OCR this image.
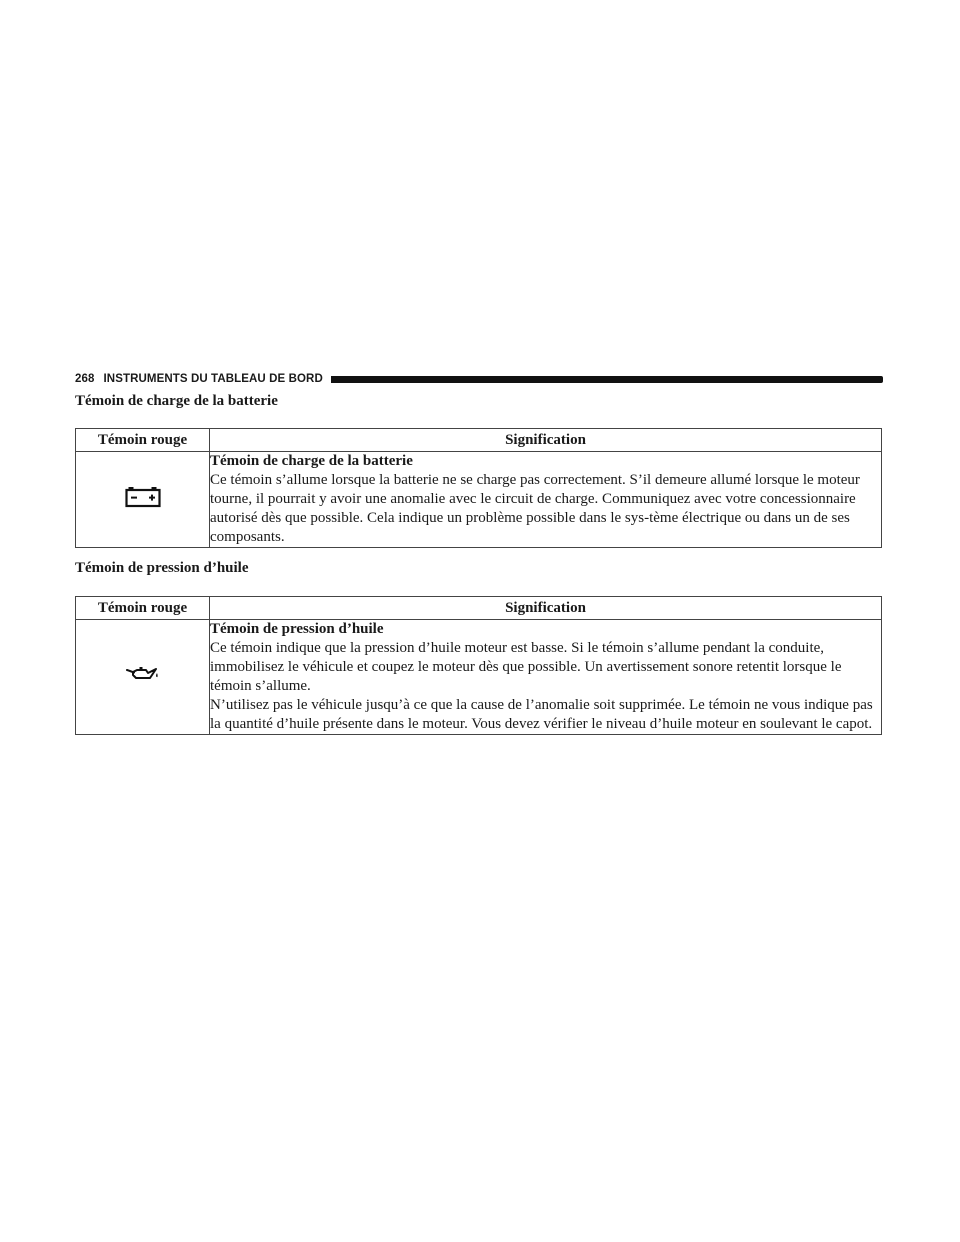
268 INSTRUMENTS DU TABLEAU DE BORD
Témoin de charge de la batterie
Témoin rouge	Signification

Témoin de charge de la batterie
Ce témoin s’allume lorsque la batterie ne se charge pas correctement. S’il demeure allumé lorsque le moteur tourne, il pourrait y avoir une anomalie avec le circuit de charge. Communiquez avec votre concessionnaire autorisé dès que possible. Cela indique un problème possible dans le sys-tème électrique ou dans un de ses composants.
Témoin de pression d’huile
Témoin rouge	Signification

Témoin de pression d’huile
Ce témoin indique que la pression d’huile moteur est basse. Si le témoin s’allume pendant la conduite, immobilisez le véhicule et coupez le moteur dès que possible. Un avertissement sonore retentit lorsque le témoin s’allume.
N’utilisez pas le véhicule jusqu’à ce que la cause de l’anomalie soit supprimée. Le témoin ne vous indique pas la quantité d’huile présente dans le moteur. Vous devez vérifier le niveau d’huile moteur en soulevant le capot.
